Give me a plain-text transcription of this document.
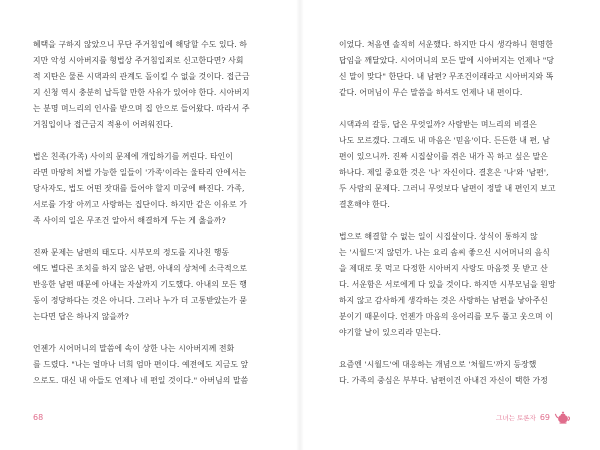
혜택을 구하지 않았으니 무단 주거침입에 해당할 수도 있다. 하
지만 악성 시아버지를 형법상 주거침입죄로 신고한다면? 사회
적 지탄은 물론 시댁과의 관계도 돌이킬 수 없을 것이다. 접근금
지 신청 역시 충분히 납득할 만한 사유가 있어야 한다. 시아버지
는 분명 며느리의 인사를 받으며 집 안으로 들어왔다. 따라서 주
거침입이나 접근금지 적용이 어려워진다.
법은 친족(가족) 사이의 문제에 개입하기를 꺼린다. 타인이
라면 마땅히 처벌 가능한 일들이 '가족'이라는 울타리 안에서는
당사자도, 법도 어떤 잣대를 들어야 할지 미궁에 빠진다. 가족,
서로를 가장 아끼고 사랑하는 집단이다. 하지만 같은 이유로 가
족 사이의 일은 무조건 알아서 해결하게 두는 게 옳을까?
진짜 문제는 남편의 태도다. 시부모의 정도를 지나친 행동
에도 별다른 조치를 하지 않은 남편, 아내의 상처에 소극적으로
반응한 남편 때문에 아내는 자살까지 기도했다. 아내의 모든 행
동이 정당하다는 것은 아니다. 그러나 누가 더 고통받았는가 묻
는다면 답은 하나지 않을까?
언젠가 시어머니의 말씀에 속이 상한 나는 시아버지께 전화
를 드렸다. "나는 얼마나 너희 엄마 편이다. 예전에도 지금도 앞
으로도. 대신 내 아들도 언제나 네 편일 것이다." 아버님의 말씀
이었다. 처음엔 솔직히 서운했다. 하지만 다시 생각하니 현명한
답임을 깨달았다. 시어머니의 모든 말에 시아버지는 언제나 "당
신 말이 맞다" 한단다. 내 남편? 무조건이래라고 시아버지와 똑
같다. 어머님이 무슨 말씀을 하셔도 언제나 내 편이다.
시댁과의 갈등, 답은 무엇일까? 사람받는 며느리의 비결은
나도 모르겠다. 그래도 내 마음은 '믿음'이다. 든든한 내 편, 남
편이 있으니까. 진짜 시집살이를 겪은 내가 꼭 하고 싶은 말은
하나다. 제일 중요한 것은 '나' 자신이다. 결혼은 '나'와 '남편',
두 사람의 문제다. 그러니 무엇보다 남편이 정말 내 편인지 보고
결혼해야 한다.
법으로 해결할 수 없는 일이 시집살이다. 상식이 통하지 않
는 '시월드'지 않던가. 나는 요리 솜씨 좋으신 시어머니의 음식
을 제대로 못 먹고 다정한 시아버지 사랑도 마음껏 못 받고 산
다. 서운함은 서로에게 다 있을 것이다. 하지만 시부모님을 원망
하지 않고 감사하게 생각하는 것은 사랑하는 남편을 낳아주신
분이기 때문이다. 언젠가 마음의 응어리를 모두 풀고 웃으며 이
야기할 날이 있으리라 믿는다.
요즘엔 '시월드'에 대응하는 개념으로 '처월드'까지 등장했
다. 가족의 중심은 부부다. 남편이건 아내건 자신이 택한 가정
68	그녀는 토론자 69
